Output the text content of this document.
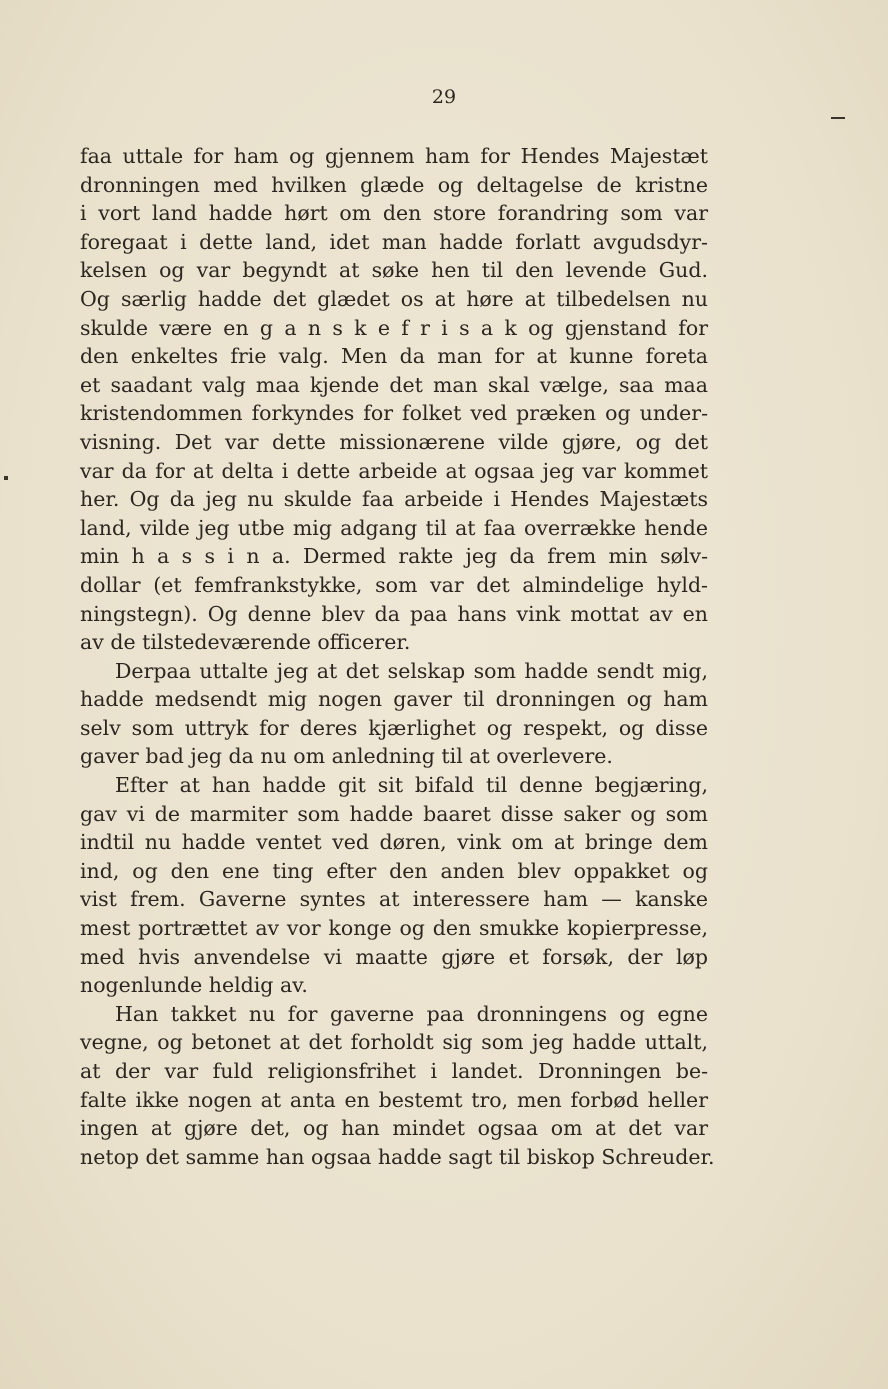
29
faa uttale for ham og gjennem ham for Hendes Majestæt
dronningen med hvilken glæde og deltagelse de kristne
i vort land hadde hørt om den store forandring som var
foregaat i dette land, idet man hadde forlatt avgudsdyr-
kelsen og var begyndt at søke hen til den levende Gud.
Og særlig hadde det glædet os at høre at tilbedelsen nu
skulde være en g a n s k e f r i s a k og gjenstand for
den enkeltes frie valg. Men da man for at kunne foreta
et saadant valg maa kjende det man skal vælge, saa maa
kristendommen forkyndes for folket ved præken og under-
visning. Det var dette missionærene vilde gjøre, og det
var da for at delta i dette arbeide at ogsaa jeg var kommet
her. Og da jeg nu skulde faa arbeide i Hendes Majestæts
land, vilde jeg utbe mig adgang til at faa overrække hende
min h a s s i n a. Dermed rakte jeg da frem min sølv-
dollar (et femfrankstykke, som var det almindelige hyld-
ningstegn). Og denne blev da paa hans vink mottat av en
av de tilstedeværende officerer.
Derpaa uttalte jeg at det selskap som hadde sendt mig,
hadde medsendt mig nogen gaver til dronningen og ham
selv som uttryk for deres kjærlighet og respekt, og disse
gaver bad jeg da nu om anledning til at overlevere.
Efter at han hadde git sit bifald til denne begjæring,
gav vi de marmiter som hadde baaret disse saker og som
indtil nu hadde ventet ved døren, vink om at bringe dem
ind, og den ene ting efter den anden blev oppakket og
vist frem. Gaverne syntes at interessere ham — kanske
mest portrættet av vor konge og den smukke kopierpresse,
med hvis anvendelse vi maatte gjøre et forsøk, der løp
nogenlunde heldig av.
Han takket nu for gaverne paa dronningens og egne
vegne, og betonet at det forholdt sig som jeg hadde uttalt,
at der var fuld religionsfrihet i landet. Dronningen be-
falte ikke nogen at anta en bestemt tro, men forbød heller
ingen at gjøre det, og han mindet ogsaa om at det var
netop det samme han ogsaa hadde sagt til biskop Schreuder.
